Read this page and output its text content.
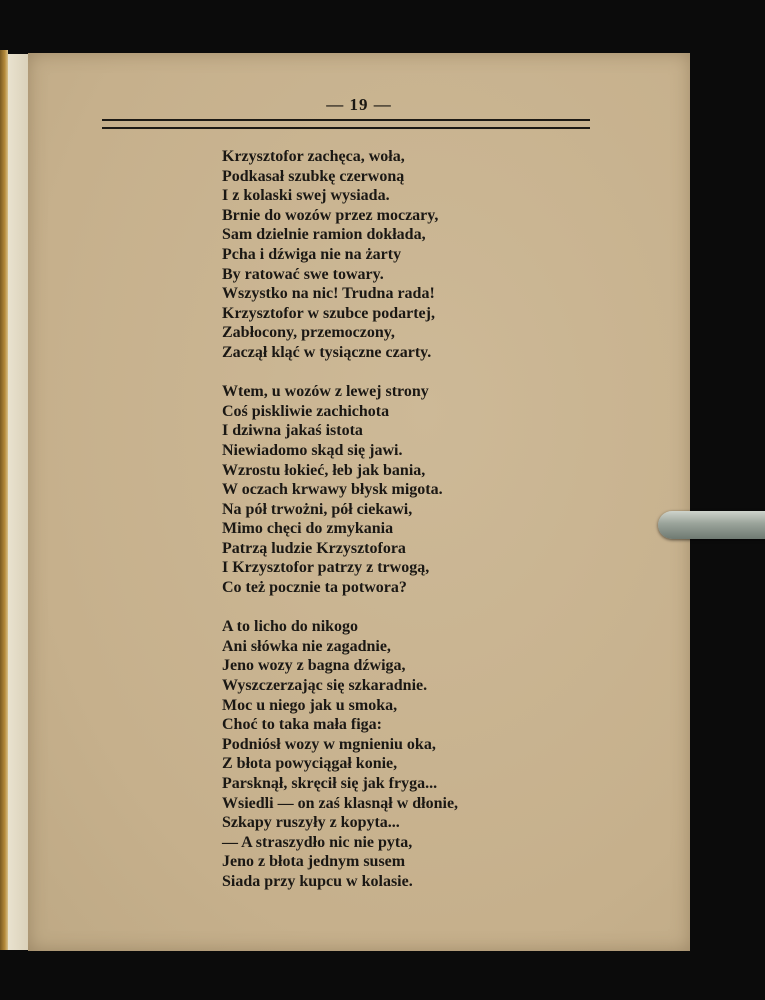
— 19 —
Krzysztofor zachęca, woła,
Podkasał szubkę czerwoną
I z kolaski swej wysiada.
Brnie do wozów przez moczary,
Sam dzielnie ramion dokłada,
Pcha i dźwiga nie na żarty
By ratować swe towary.
Wszystko na nic! Trudna rada!
Krzysztofor w szubce podartej,
Zabłocony, przemoczony,
Zaczął kląć w tysiączne czarty.
Wtem, u wozów z lewej strony
Coś piskliwie zachichota
I dziwna jakaś istota
Niewiadomo skąd się jawi.
Wzrostu łokieć, łeb jak bania,
W oczach krwawy błysk migota.
Na pół trwożni, pół ciekawi,
Mimo chęci do zmykania
Patrzą ludzie Krzysztofora
I Krzysztofor patrzy z trwogą,
Co też pocznie ta potwora?
A to licho do nikogo
Ani słówka nie zagadnie,
Jeno wozy z bagna dźwiga,
Wyszczerzając się szkaradnie.
Moc u niego jak u smoka,
Choć to taka mała figa:
Podniósł wozy w mgnieniu oka,
Z błota powyciągał konie,
Parsknął, skręcił się jak fryga...
Wsiedli — on zaś klasnął w dłonie,
Szkapy ruszyły z kopyta...
— A straszydło nic nie pyta,
Jeno z błota jednym susem
Siada przy kupcu w kolasie.
